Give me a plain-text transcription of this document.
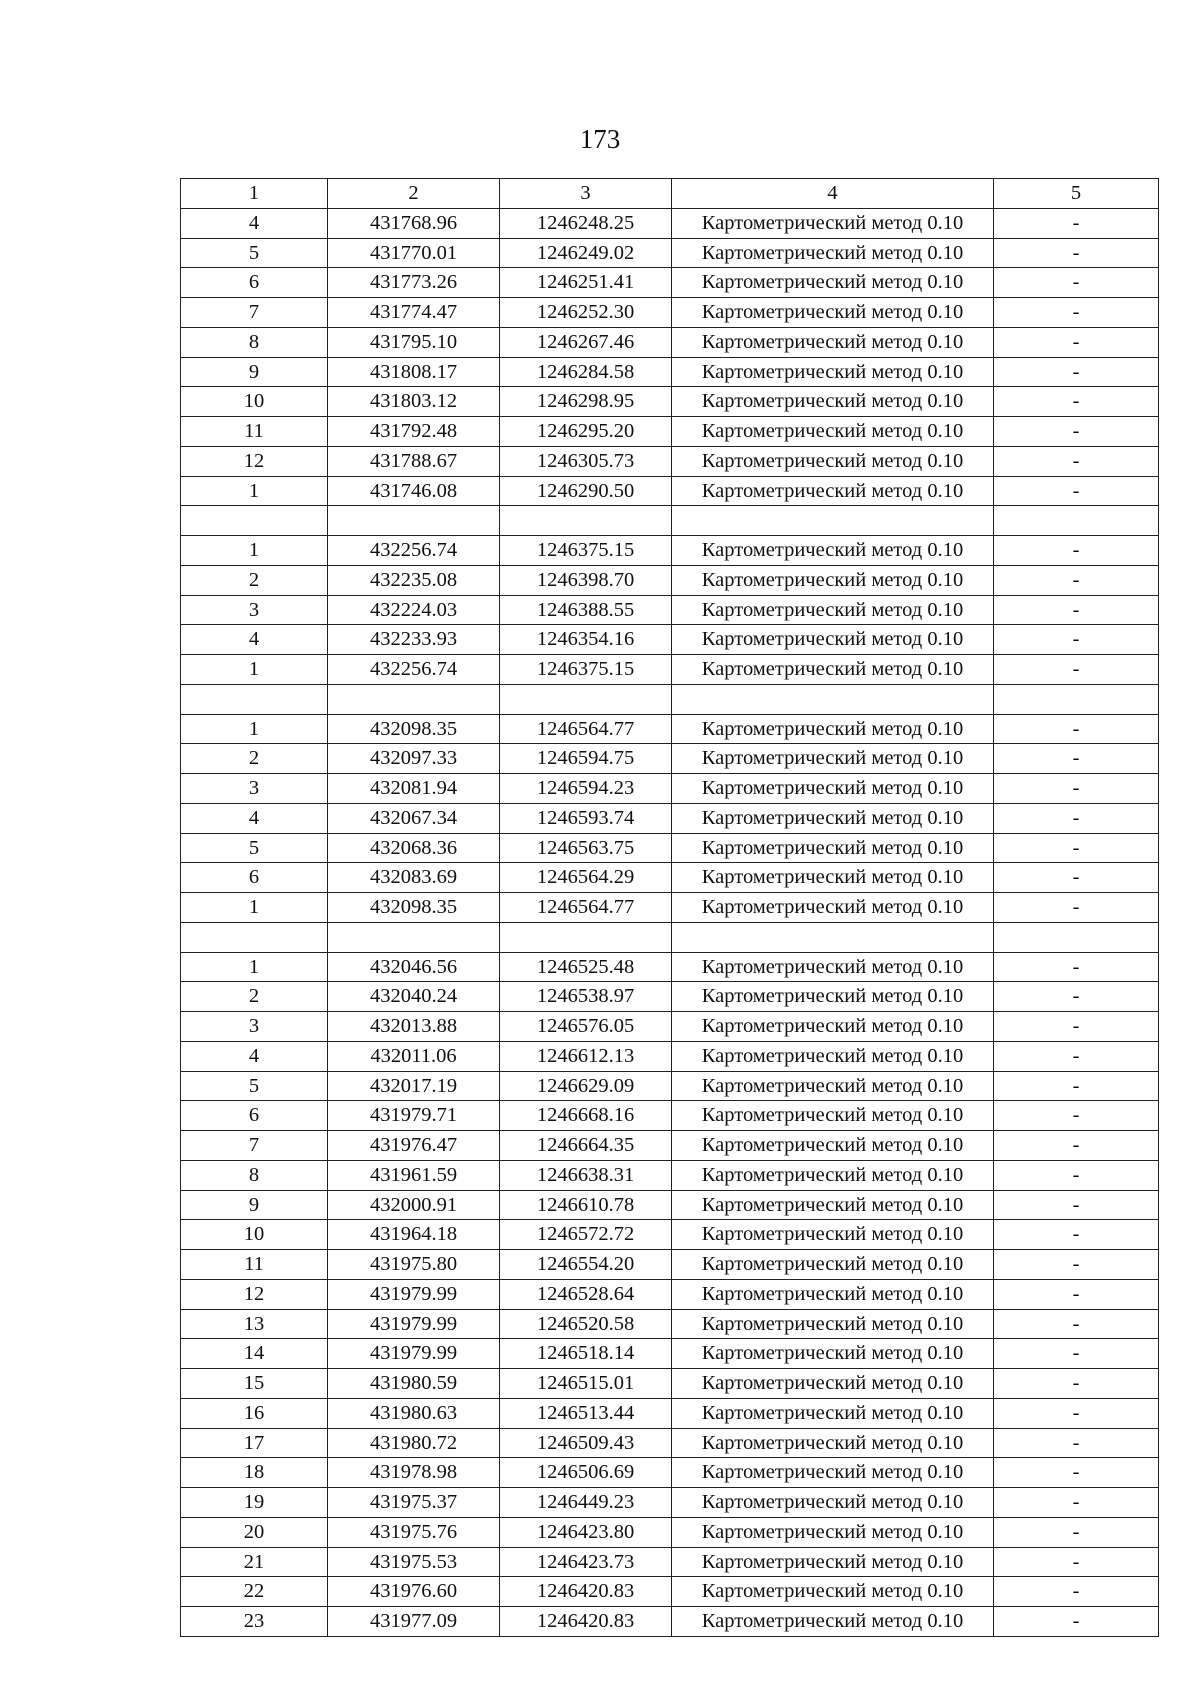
173
1	2	3	4	5
4	431768.96	1246248.25	Картометрический метод 0.10	-
5	431770.01	1246249.02	Картометрический метод 0.10	-
6	431773.26	1246251.41	Картометрический метод 0.10	-
7	431774.47	1246252.30	Картометрический метод 0.10	-
8	431795.10	1246267.46	Картометрический метод 0.10	-
9	431808.17	1246284.58	Картометрический метод 0.10	-
10	431803.12	1246298.95	Картометрический метод 0.10	-
11	431792.48	1246295.20	Картометрический метод 0.10	-
12	431788.67	1246305.73	Картометрический метод 0.10	-
1	431746.08	1246290.50	Картометрический метод 0.10	-

1	432256.74	1246375.15	Картометрический метод 0.10	-
2	432235.08	1246398.70	Картометрический метод 0.10	-
3	432224.03	1246388.55	Картометрический метод 0.10	-
4	432233.93	1246354.16	Картометрический метод 0.10	-
1	432256.74	1246375.15	Картометрический метод 0.10	-

1	432098.35	1246564.77	Картометрический метод 0.10	-
2	432097.33	1246594.75	Картометрический метод 0.10	-
3	432081.94	1246594.23	Картометрический метод 0.10	-
4	432067.34	1246593.74	Картометрический метод 0.10	-
5	432068.36	1246563.75	Картометрический метод 0.10	-
6	432083.69	1246564.29	Картометрический метод 0.10	-
1	432098.35	1246564.77	Картометрический метод 0.10	-

1	432046.56	1246525.48	Картометрический метод 0.10	-
2	432040.24	1246538.97	Картометрический метод 0.10	-
3	432013.88	1246576.05	Картометрический метод 0.10	-
4	432011.06	1246612.13	Картометрический метод 0.10	-
5	432017.19	1246629.09	Картометрический метод 0.10	-
6	431979.71	1246668.16	Картометрический метод 0.10	-
7	431976.47	1246664.35	Картометрический метод 0.10	-
8	431961.59	1246638.31	Картометрический метод 0.10	-
9	432000.91	1246610.78	Картометрический метод 0.10	-
10	431964.18	1246572.72	Картометрический метод 0.10	-
11	431975.80	1246554.20	Картометрический метод 0.10	-
12	431979.99	1246528.64	Картометрический метод 0.10	-
13	431979.99	1246520.58	Картометрический метод 0.10	-
14	431979.99	1246518.14	Картометрический метод 0.10	-
15	431980.59	1246515.01	Картометрический метод 0.10	-
16	431980.63	1246513.44	Картометрический метод 0.10	-
17	431980.72	1246509.43	Картометрический метод 0.10	-
18	431978.98	1246506.69	Картометрический метод 0.10	-
19	431975.37	1246449.23	Картометрический метод 0.10	-
20	431975.76	1246423.80	Картометрический метод 0.10	-
21	431975.53	1246423.73	Картометрический метод 0.10	-
22	431976.60	1246420.83	Картометрический метод 0.10	-
23	431977.09	1246420.83	Картометрический метод 0.10	-
